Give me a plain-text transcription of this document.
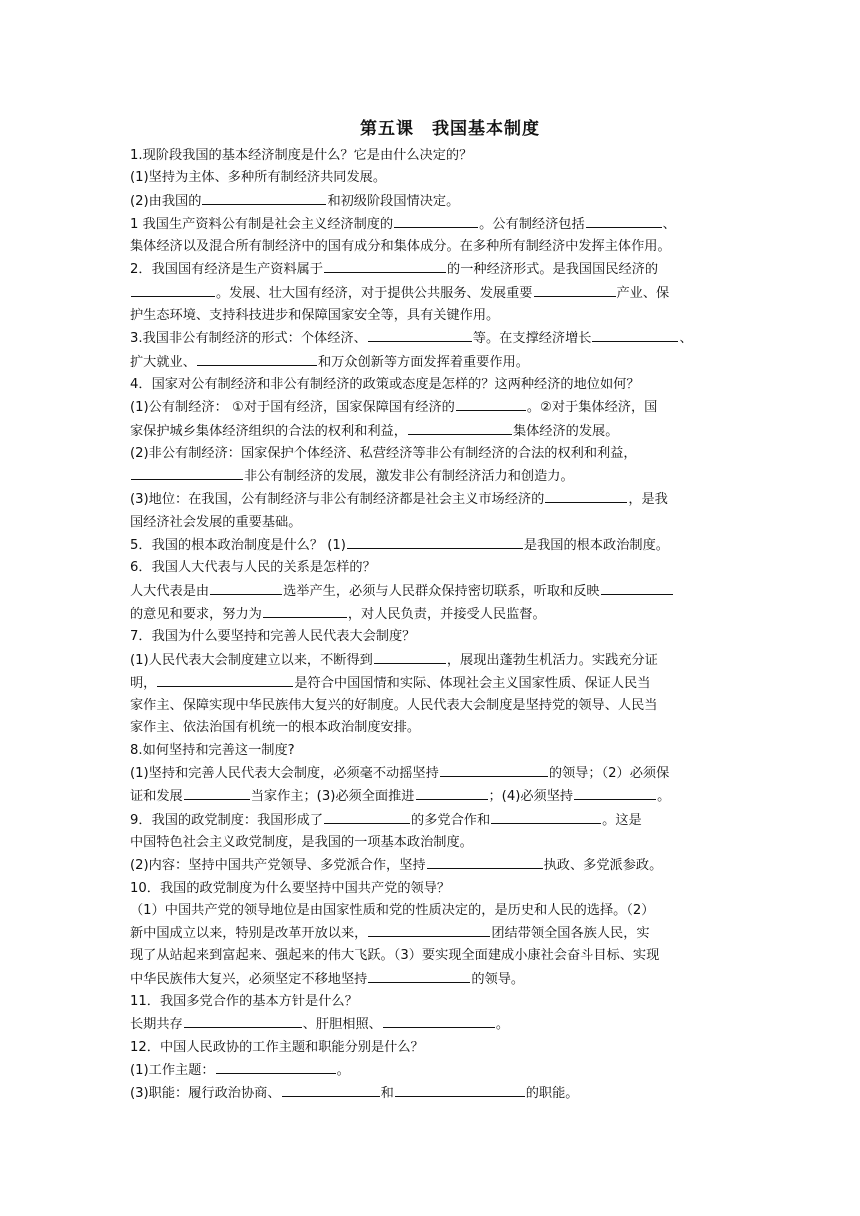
第五课　我国基本制度
1.现阶段我国的基本经济制度是什么？它是由什么决定的？
(1)坚持为主体、多种所有制经济共同发展。
(2)由我国的	和初级阶段国情决定。
1 我国生产资料公有制是社会主义经济制度的	。公有制经济包括	、
集体经济以及混合所有制经济中的国有成分和集体成分。在多种所有制经济中发挥主体作用。
2．我国国有经济是生产资料属于	的一种经济形式。是我国国民经济的
。发展、壮大国有经济，对于提供公共服务、发展重要	产业、保
护生态环境、支持科技进步和保障国家安全等，具有关键作用。
3.我国非公有制经济的形式：个体经济、	等。在支撑经济增长	、
扩大就业、	和万众创新等方面发挥着重要作用。
4．国家对公有制经济和非公有制经济的政策或态度是怎样的？这两种经济的地位如何？
(1)公有制经济： ①对于国有经济，国家保障国有经济的	。②对于集体经济，国
家保护城乡集体经济组织的合法的权利和利益，	集体经济的发展。
(2)非公有制经济：国家保护个体经济、私营经济等非公有制经济的合法的权利和利益，
非公有制经济的发展，激发非公有制经济活力和创造力。
(3)地位：在我国，公有制经济与非公有制经济都是社会主义市场经济的	，是我
国经济社会发展的重要基础。
5．我国的根本政治制度是什么？ (1)	是我国的根本政治制度。
6．我国人大代表与人民的关系是怎样的？
人大代表是由	选举产生，必须与人民群众保持密切联系，听取和反映
的意见和要求，努力为	，对人民负责，并接受人民监督。
7．我国为什么要坚持和完善人民代表大会制度？
(1)人民代表大会制度建立以来，不断得到	，展现出蓬勃生机活力。实践充分证
明，	是符合中国国情和实际、体现社会主义国家性质、保证人民当
家作主、保障实现中华民族伟大复兴的好制度。人民代表大会制度是坚持党的领导、人民当
家作主、依法治国有机统一的根本政治制度安排。
8.如何坚持和完善这一制度?
(1)坚持和完善人民代表大会制度，必须毫不动摇坚持	的领导；（2）必须保
证和发展	当家作主；(3)必须全面推进	；(4)必须坚持	。
9．我国的政党制度：我国形成了	的多党合作和	。这是
中国特色社会主义政党制度，是我国的一项基本政治制度。
(2)内容：坚持中国共产党领导、多党派合作，坚持	执政、多党派参政。
10．我国的政党制度为什么要坚持中国共产党的领导？
（1）中国共产党的领导地位是由国家性质和党的性质决定的，是历史和人民的选择。（2）
新中国成立以来，特别是改革开放以来，	团结带领全国各族人民，实
现了从站起来到富起来、强起来的伟大飞跃。（3）要实现全面建成小康社会奋斗目标、实现
中华民族伟大复兴，必须坚定不移地坚持	的领导。
11．我国多党合作的基本方针是什么？
长期共存	、肝胆相照、	。
12．中国人民政协的工作主题和职能分别是什么？
(1)工作主题：	。
(3)职能：履行政治协商、	和	的职能。
